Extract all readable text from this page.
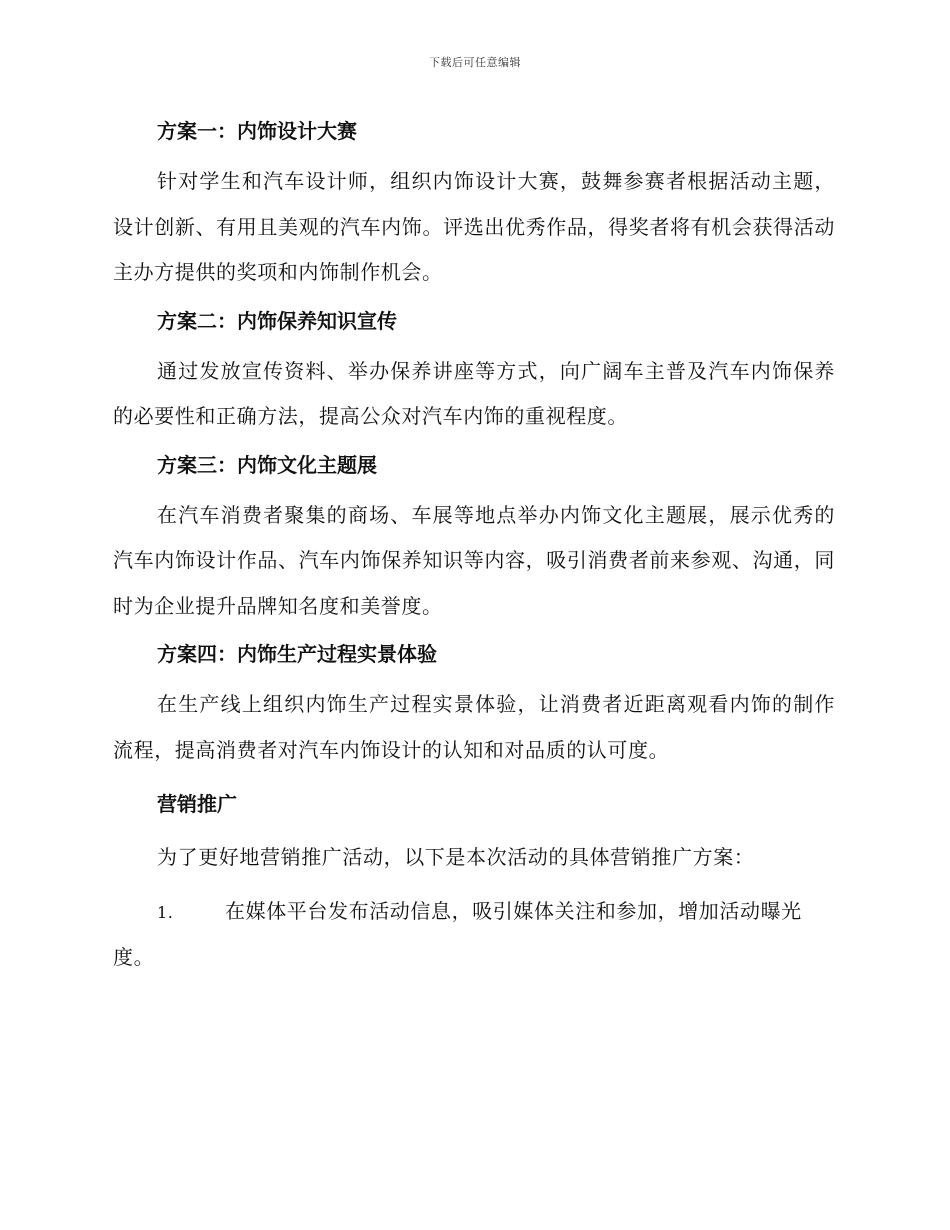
下载后可任意编辑

方案一：内饰设计大赛

针对学生和汽车设计师，组织内饰设计大赛，鼓舞参赛者根据活动主题，设计创新、有用且美观的汽车内饰。评选出优秀作品，得奖者将有机会获得活动主办方提供的奖项和内饰制作机会。

方案二：内饰保养知识宣传

通过发放宣传资料、举办保养讲座等方式，向广阔车主普及汽车内饰保养的必要性和正确方法，提高公众对汽车内饰的重视程度。

方案三：内饰文化主题展

在汽车消费者聚集的商场、车展等地点举办内饰文化主题展，展示优秀的汽车内饰设计作品、汽车内饰保养知识等内容，吸引消费者前来参观、沟通，同时为企业提升品牌知名度和美誉度。

方案四：内饰生产过程实景体验

在生产线上组织内饰生产过程实景体验，让消费者近距离观看内饰的制作流程，提高消费者对汽车内饰设计的认知和对品质的认可度。

营销推广

为了更好地营销推广活动，以下是本次活动的具体营销推广方案：

1.	在媒体平台发布活动信息，吸引媒体关注和参加，增加活动曝光度。
